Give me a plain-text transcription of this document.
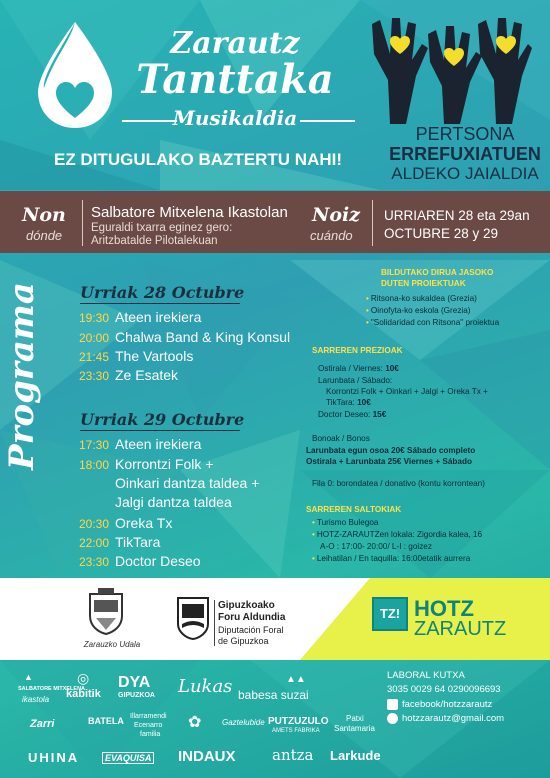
Zarautz
Tanttaka
Musikaldia
PERTSONA
ERREFUXIATUEN
ALDEKO JAIALDIA
EZ DITUGULAKO BAZTERTU NAHI!
Non
dónde
Salbatore Mitxelena Ikastolan
Eguraldi txarra eginez gero:
Aritzbatalde Pilotalekuan
Noiz
cuándo
URRIAREN 28 eta 29an
OCTUBRE 28 y 29
Programa Urriak 28 Octubre
19:30 Ateen irekiera
20:00 Chalwa Band & King Konsul
21:45 The Vartools
23:30 Ze Esatek
Urriak 29 Octubre
17:30 Ateen irekiera
18:00 Korrontzi Folk +
Oinkari dantza taldea +
Jalgi dantza taldea
20:30 Oreka Tx
22:00 TikTara
23:30 Doctor Deseo
BILDUTAKO DIRUA JASOKO
DUTEN PROIEKTUAK
• Ritsona-ko sukaldea (Grezia)
• Oinofyta-ko eskola (Grezia)
• "Solidaridad con Ritsona" proiektua
SARREREN PREZIOAK
Ostirala / Viernes: 10€
Larunbata / Sábado:
Korrontzi Folk + Oinkari + Jalgi + Oreka Tx +
TikTara: 10€
Doctor Deseo: 15€
Bonoak / Bonos
Larunbata egun osoa 20€ Sábado completo
Ostirala + Larunbata 25€ Viernes + Sábado
Fila 0: borondatea / donativo (kontu korrontean)
SARREREN SALTOKIAK
• Turismo Bulegoa
• HOTZ-ZARAUTZen lokala: Zigordia kalea, 16
A-O : 17:00- 20:00/ L-I : goizez
• Leihatilan / En taquilla: 16:00etatik aurrera
Zarauzko Udala
Gipuzkoako
Foru Aldundia
Diputación Foral
de Gipuzkoa
TZ! HOTZ
ZARAUTZ
▲
SALBATORE MITXELENA
ikastola
◎
kabitik
DYA
GIPUZKOA Lukas	▲▲
babesa suzai
Zarri	BATELA Illarramendi
Ecenarro
familia
✿	Gaztelubide PUTZUZULO
AMETS FABRIKA
Patxi
Santamaria
UHINA	EVAQUISA INDAUX antza Larkude
LABORAL KUTXA
3035 0029 64 0290096693
facebook/hotzzarautz
hotzzarautz@gmail.com
